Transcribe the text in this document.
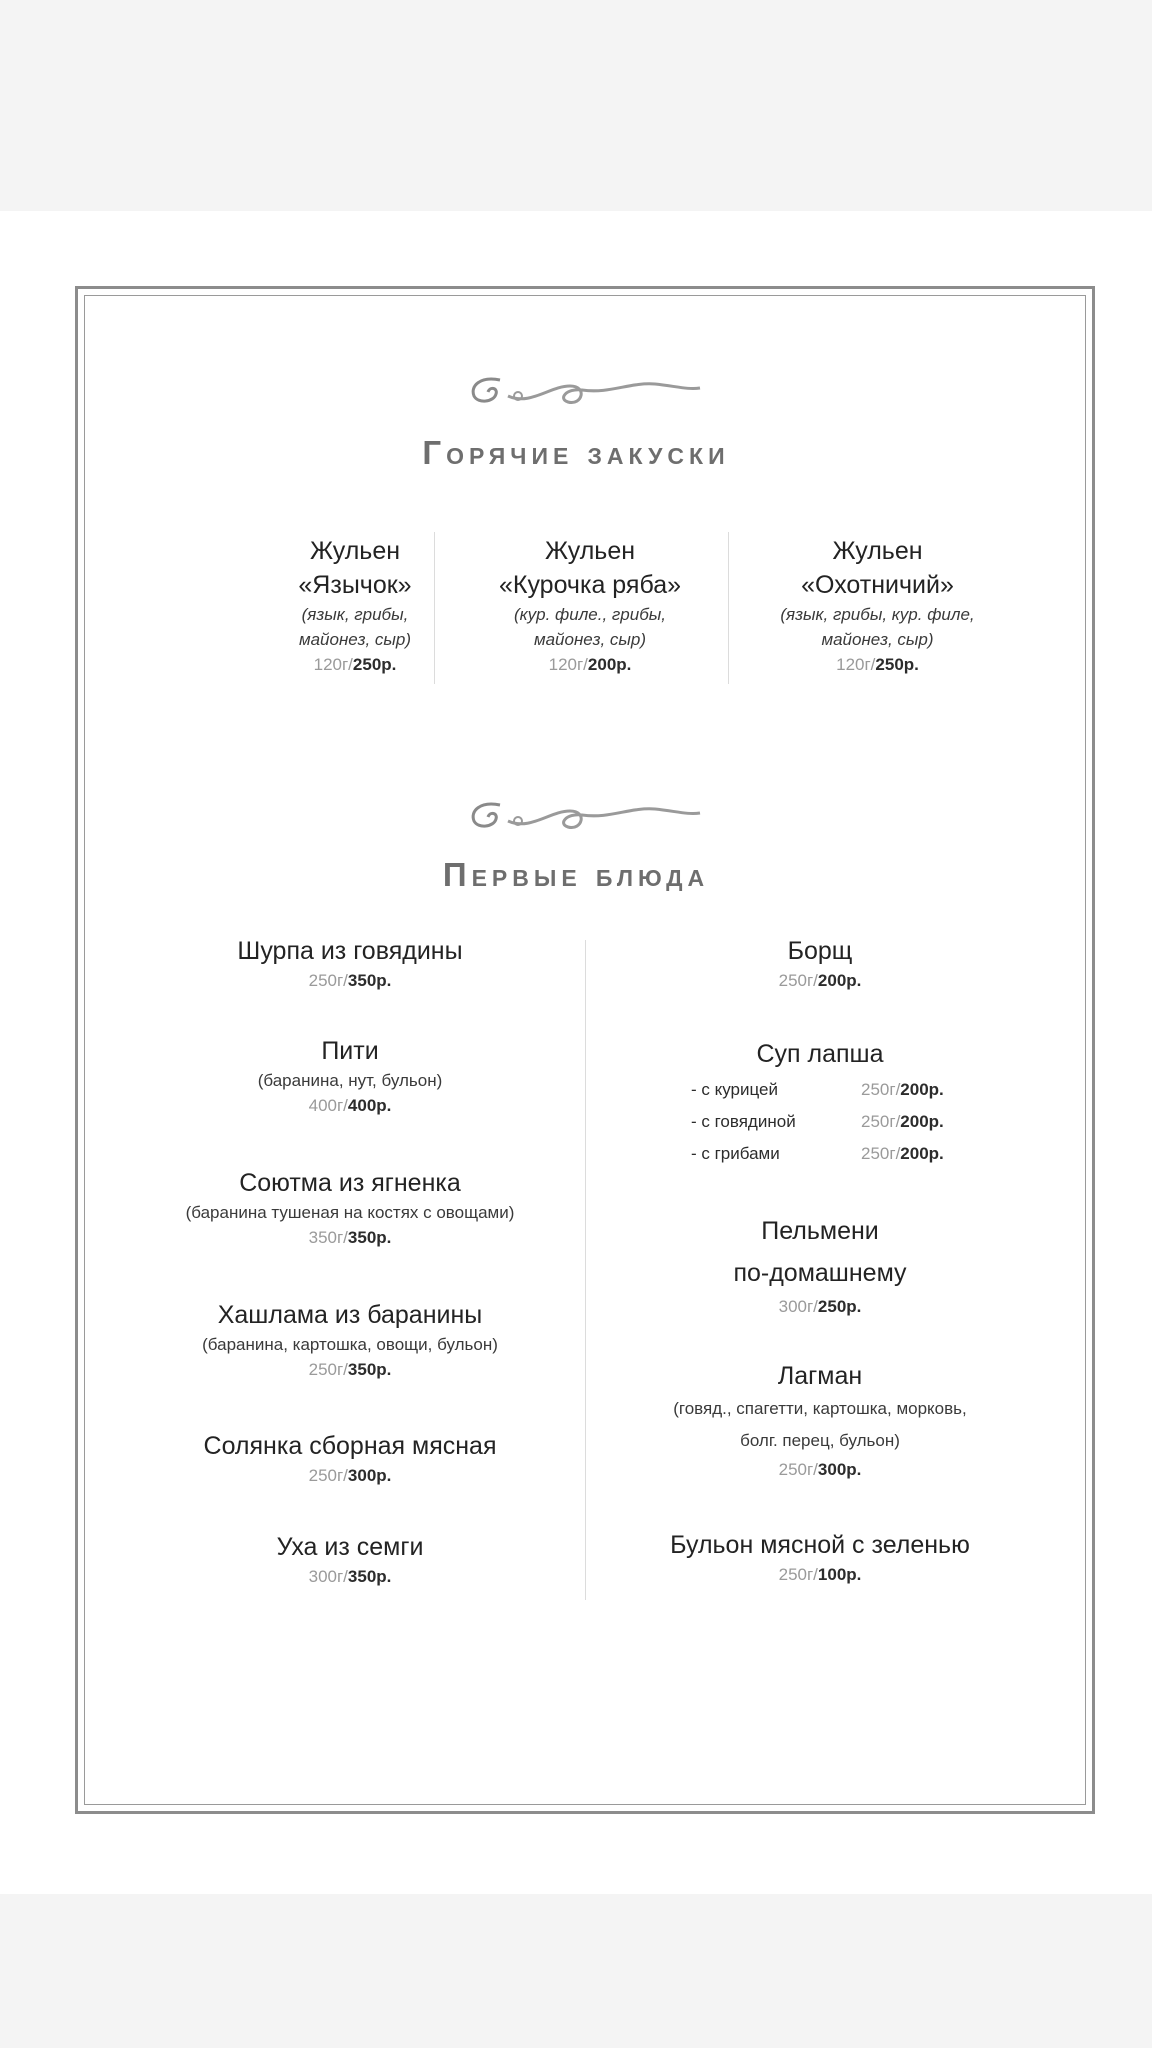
Горячие закуски
Жульен
«Язычок»
(язык, грибы,
майонез, сыр)
120г/250р.
Жульен
«Курочка ряба»
(кур. филе., грибы,
майонез, сыр)
120г/200р.
Жульен
«Охотничий»
(язык, грибы, кур. филе,
майонез, сыр)
120г/250р.
Первые блюда
Шурпа из говядины
250г/350р.
Пити
(баранина, нут, бульон)
400г/400р.
Соютма из ягненка
(баранина тушеная на костях с овощами)
350г/350р.
Хашлама из баранины
(баранина, картошка, овощи, бульон)
250г/350р.
Солянка сборная мясная
250г/300р.
Уха из семги
300г/350р.
Борщ
250г/200р.
Суп лапша
- с курицей	250г/200р.
- с говядиной	250г/200р.
- с грибами	250г/200р.
Пельмени
по-домашнему
300г/250р.
Лагман
(говяд., спагетти, картошка, морковь,
болг. перец, бульон)
250г/300р.
Бульон мясной с зеленью
250г/100р.
